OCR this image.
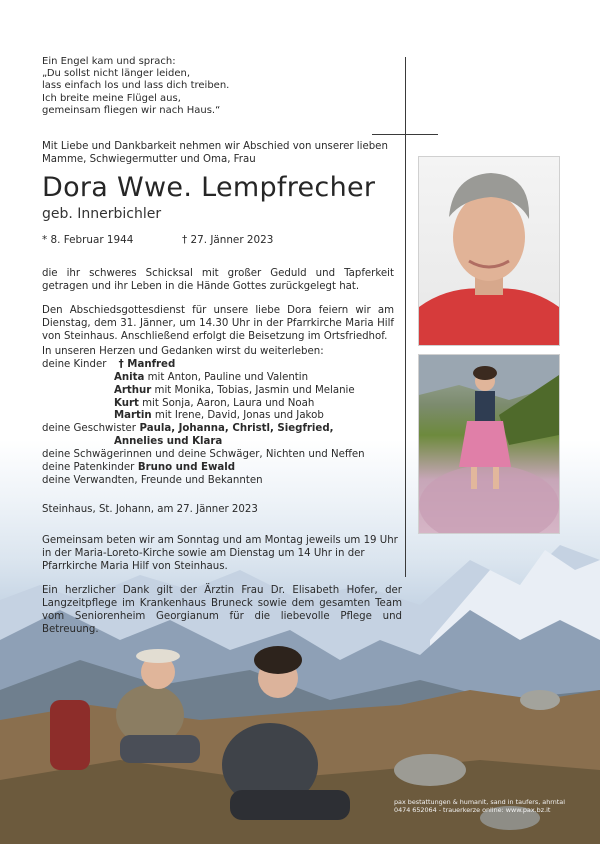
Ein Engel kam und sprach:
„Du sollst nicht länger leiden,
lass einfach los und lass dich treiben.
Ich breite meine Flügel aus,
gemeinsam fliegen wir nach Haus.“
Mit Liebe und Dankbarkeit nehmen wir Abschied von unserer lieben
Mamme, Schwiegermutter und Oma, Frau
Dora Wwe. Lempfrecher
geb. Innerbichler
* 8. Februar 1944	† 27. Jänner 2023

die ihr schweres Schicksal mit großer Geduld und Tapferkeit getragen und ihr Leben in die Hände Gottes zurückgelegt hat.

Den Abschiedsgottesdienst für unsere liebe Dora feiern wir am Dienstag, dem 31. Jänner, um 14.30 Uhr in der Pfarrkirche Maria Hilf von Steinhaus. Anschließend erfolgt die Beisetzung im Ortsfriedhof.

In unseren Herzen und Gedanken wirst du weiterleben:
deine Kinder † Manfred
Anita mit Anton, Pauline und Valentin
Arthur mit Monika, Tobias, Jasmin und Melanie
Kurt mit Sonja, Aaron, Laura und Noah
Martin mit Irene, David, Jonas und Jakob
deine Geschwister Paula, Johanna, Christl, Siegfried,
Annelies und Klara
deine Schwägerinnen und deine Schwäger, Nichten und Neffen
deine Patenkinder Bruno und Ewald
deine Verwandten, Freunde und Bekannten
Steinhaus, St. Johann, am 27. Jänner 2023

Gemeinsam beten wir am Sonntag und am Montag jeweils um 19 Uhr in der Maria-Loreto-Kirche sowie am Dienstag um 14 Uhr in der Pfarrkirche Maria Hilf von Steinhaus.

Ein herzlicher Dank gilt der Ärztin Frau Dr. Elisabeth Hofer, der Langzeitpflege im Krankenhaus Bruneck sowie dem gesamten Team vom Seniorenheim Georgianum für die liebevolle Pflege und Betreuung.

pax bestattungen & humanit, sand in taufers, ahrntal
0474 652064 - trauerkerze online: www.pax.bz.it
